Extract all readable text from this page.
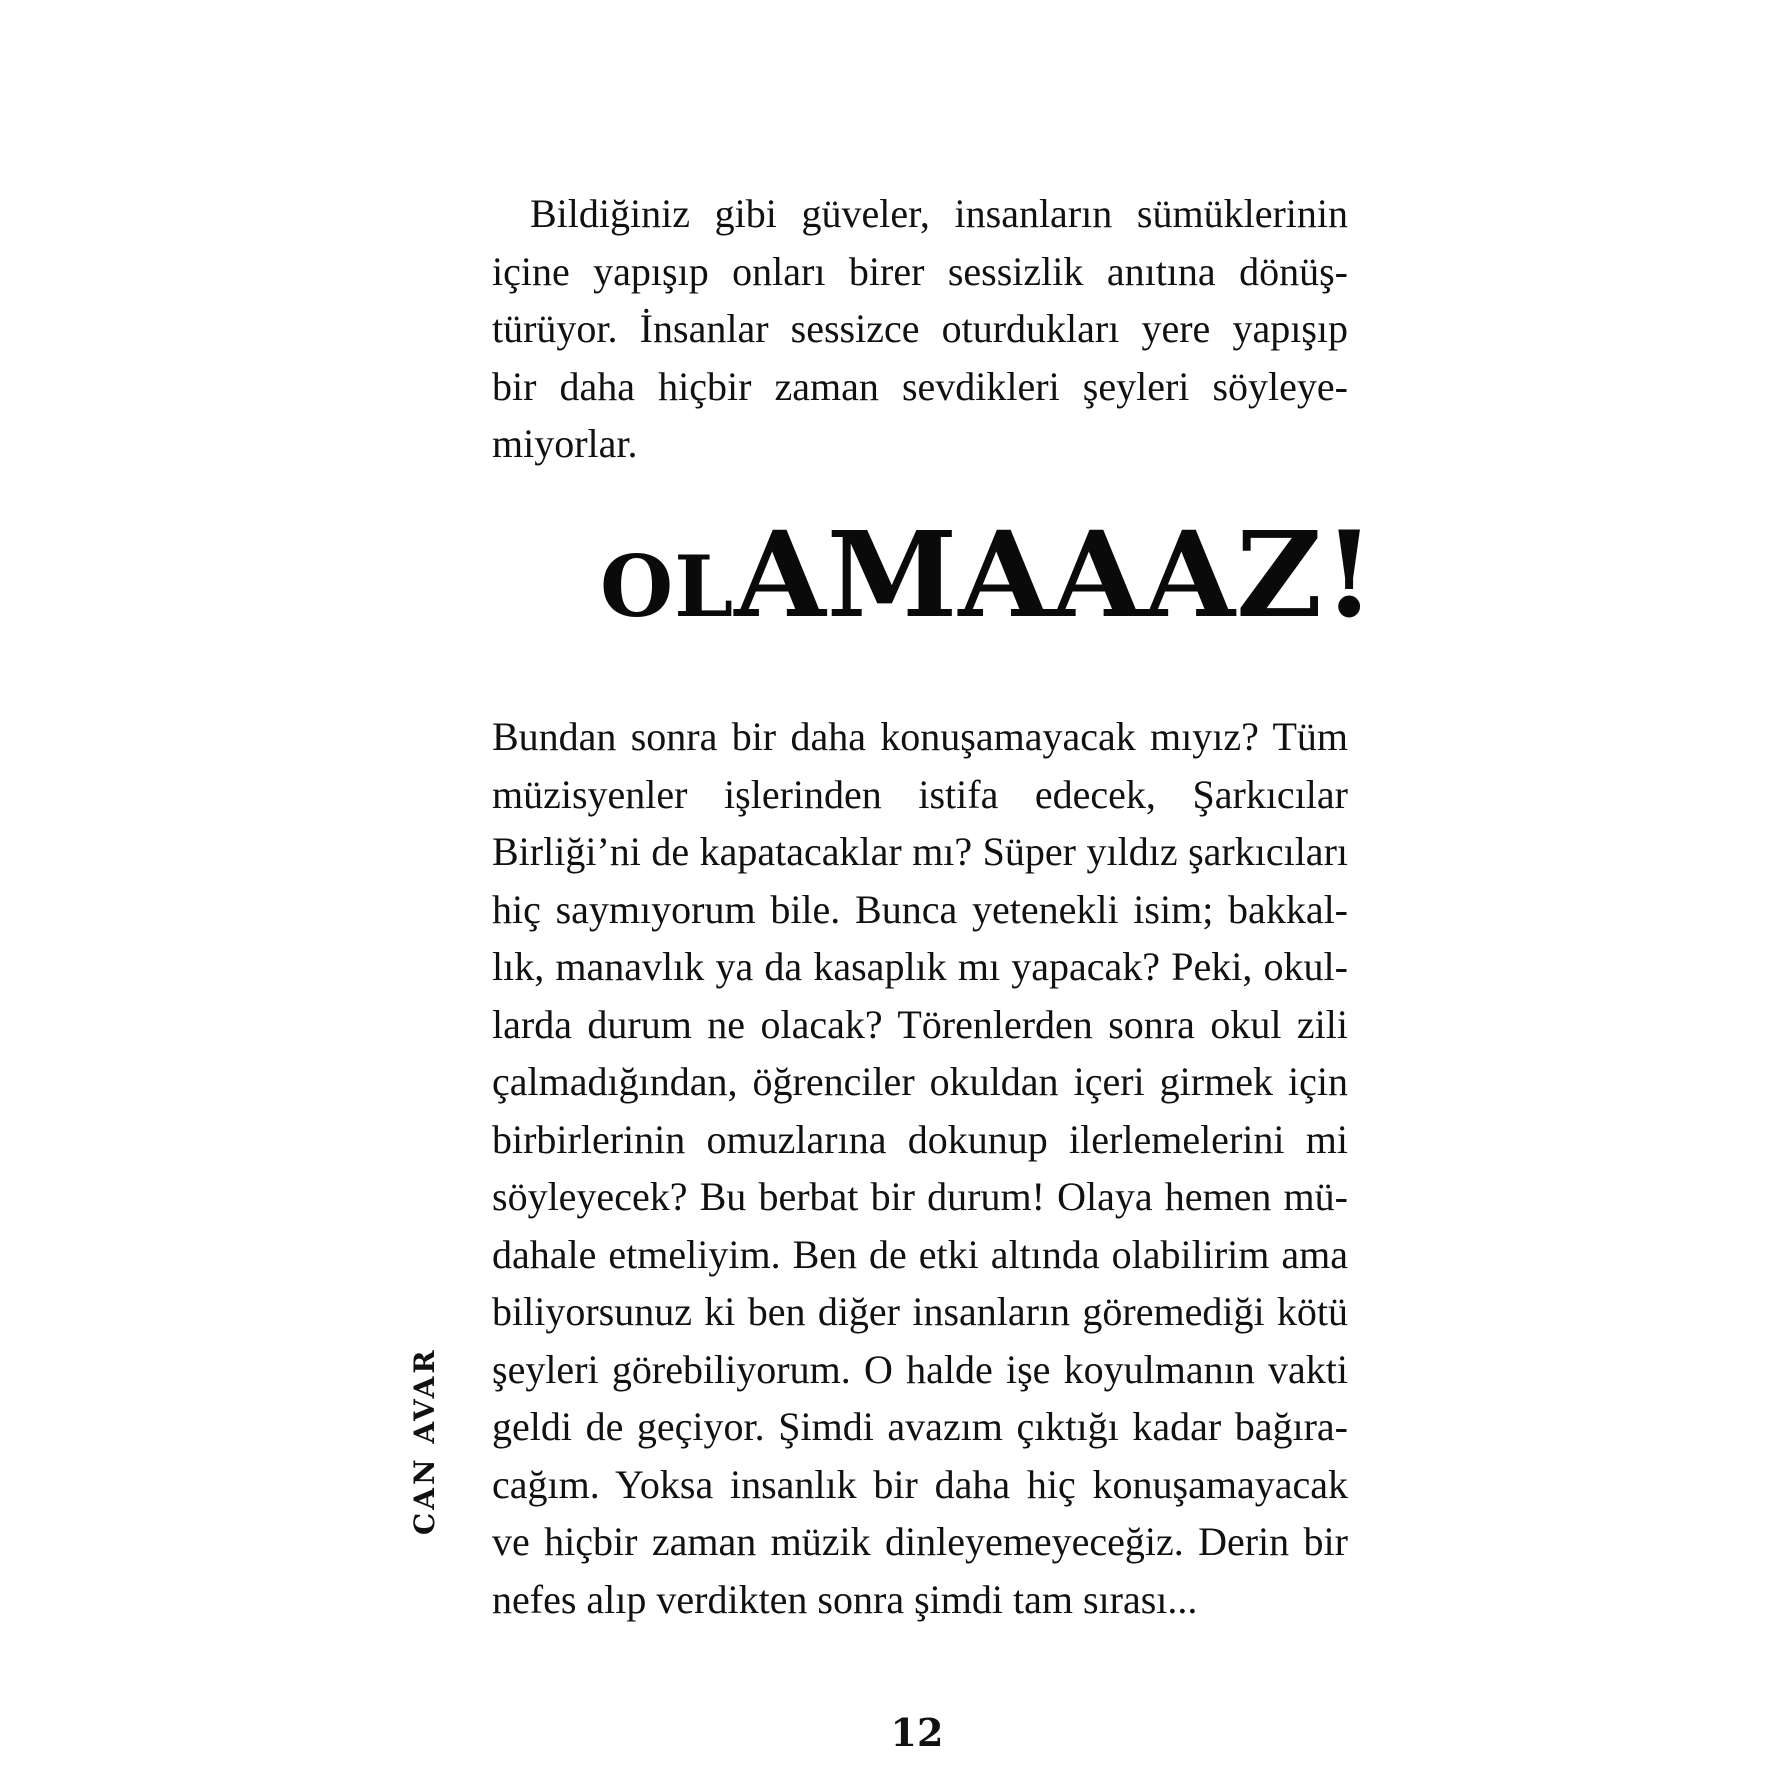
Bildiğiniz gibi güveler, insanların sümüklerinin
içine yapışıp onları birer sessizlik anıtına dönüş-
türüyor. İnsanlar sessizce oturdukları yere yapışıp
bir daha hiçbir zaman sevdikleri şeyleri söyleye-
miyorlar.
OLAMAAAZ!
Bundan sonra bir daha konuşamayacak mıyız? Tüm
müzisyenler işlerinden istifa edecek, Şarkıcılar
Birliği’ni de kapatacaklar mı? Süper yıldız şarkıcıları
hiç saymıyorum bile. Bunca yetenekli isim; bakkal-
lık, manavlık ya da kasaplık mı yapacak? Peki, okul-
larda durum ne olacak? Törenlerden sonra okul zili
çalmadığından, öğrenciler okuldan içeri girmek için
birbirlerinin omuzlarına dokunup ilerlemelerini mi
söyleyecek? Bu berbat bir durum! Olaya hemen mü-
dahale etmeliyim. Ben de etki altında olabilirim ama
biliyorsunuz ki ben diğer insanların göremediği kötü
şeyleri görebiliyorum. O halde işe koyulmanın vakti
geldi de geçiyor. Şimdi avazım çıktığı kadar bağıra-
cağım. Yoksa insanlık bir daha hiç konuşamayacak
ve hiçbir zaman müzik dinleyemeyeceğiz. Derin bir
nefes alıp verdikten sonra şimdi tam sırası...
CAN AVAR
12
